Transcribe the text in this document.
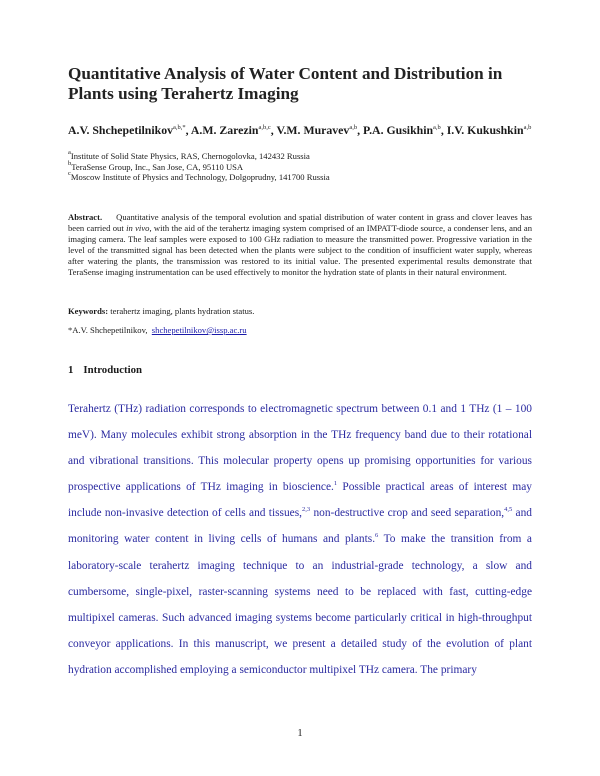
Quantitative Analysis of Water Content and Distribution in Plants using Terahertz Imaging
A.V. Shchepetilnikov$^{a,b,*}$, A.M. Zarezin$^{a,b,c}$, V.M. Muravev$^{a,b}$, P.A. Gusikhin$^{a,b}$, I.V. Kukushkin$^{a,b}$
$^a$Institute of Solid State Physics, RAS, Chernogolovka, 142432 Russia
$^b$TeraSense Group, Inc., San Jose, CA, 95110 USA
$^c$Moscow Institute of Physics and Technology, Dolgoprudny, 141700 Russia
Abstract. Quantitative analysis of the temporal evolution and spatial distribution of water content in grass and clover leaves has been carried out in vivo, with the aid of the terahertz imaging system comprised of an IMPATT-diode source, a condenser lens, and an imaging camera. The leaf samples were exposed to 100 GHz radiation to measure the transmitted power. Progressive variation in the level of the transmitted signal has been detected when the plants were subject to the condition of insufficient water supply, whereas after watering the plants, the transmission was restored to its initial value. The presented experimental results demonstrate that TeraSense imaging instrumentation can be used effectively to monitor the hydration state of plants in their natural environment.
Keywords: terahertz imaging, plants hydration status.
*A.V. Shchepetilnikov, shchepetilnikov@issp.ac.ru
1 Introduction
Terahertz (THz) radiation corresponds to electromagnetic spectrum between 0.1 and 1 THz (1 – 100 meV). Many molecules exhibit strong absorption in the THz frequency band due to their rotational and vibrational transitions. This molecular property opens up promising opportunities for various prospective applications of THz imaging in bioscience.$^1$ Possible practical areas of interest may include non-invasive detection of cells and tissues,$^{2,3}$ non-destructive crop and seed separation,$^{4,5}$ and monitoring water content in living cells of humans and plants.$^6$ To make the transition from a laboratory-scale terahertz imaging technique to an industrial-grade technology, a slow and cumbersome, single-pixel, raster-scanning systems need to be replaced with fast, cutting-edge multipixel cameras. Such advanced imaging systems become particularly critical in high-throughput conveyor applications. In this manuscript, we present a detailed study of the evolution of plant hydration accomplished employing a semiconductor multipixel THz camera. The primary
1
